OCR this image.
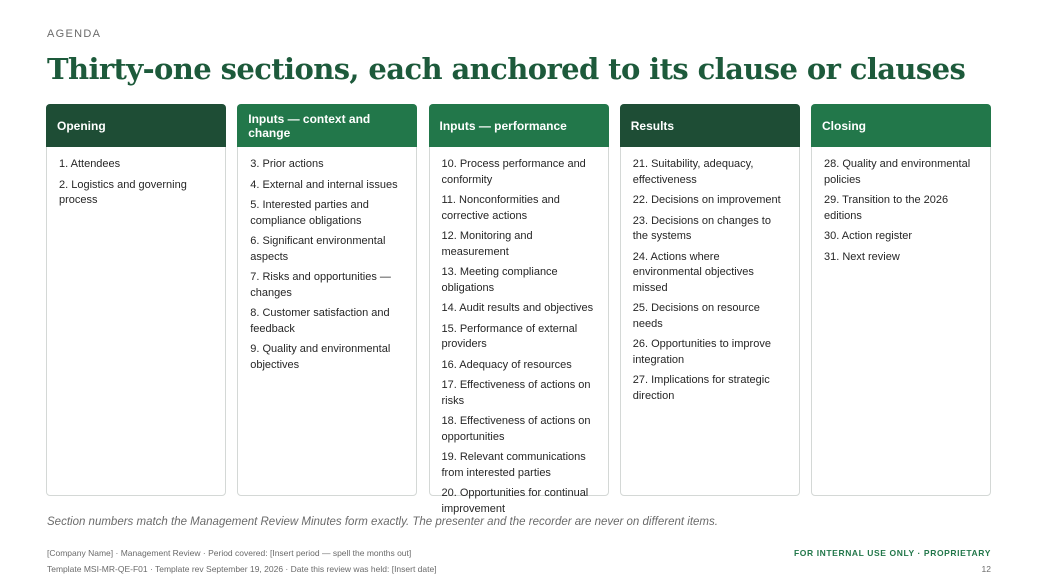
AGENDA
Thirty-one sections, each anchored to its clause or clauses
Opening
1. Attendees
2. Logistics and governing process
Inputs — context and change
3. Prior actions
4. External and internal issues
5. Interested parties and compliance obligations
6. Significant environmental aspects
7. Risks and opportunities — changes
8. Customer satisfaction and feedback
9. Quality and environmental objectives
Inputs — performance
10. Process performance and conformity
11. Nonconformities and corrective actions
12. Monitoring and measurement
13. Meeting compliance obligations
14. Audit results and objectives
15. Performance of external providers
16. Adequacy of resources
17. Effectiveness of actions on risks
18. Effectiveness of actions on opportunities
19. Relevant communications from interested parties
20. Opportunities for continual improvement
Results
21. Suitability, adequacy, effectiveness
22. Decisions on improvement
23. Decisions on changes to the systems
24. Actions where environmental objectives missed
25. Decisions on resource needs
26. Opportunities to improve integration
27. Implications for strategic direction
Closing
28. Quality and environmental policies
29. Transition to the 2026 editions
30. Action register
31. Next review
Section numbers match the Management Review Minutes form exactly. The presenter and the recorder are never on different items.
[Company Name] · Management Review · Period covered: [Insert period — spell the months out]
Template MSI-MR-QE-F01 · Template rev September 19, 2026 · Date this review was held: [Insert date]
FOR INTERNAL USE ONLY · PROPRIETARY
12
